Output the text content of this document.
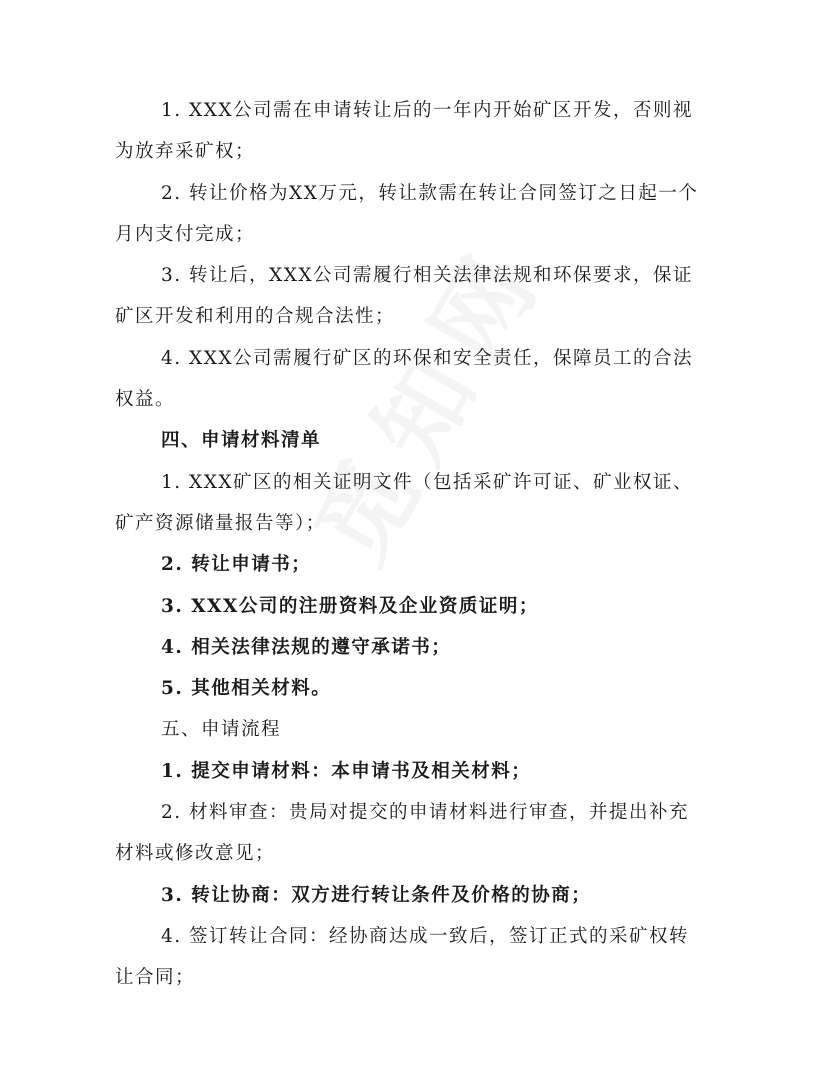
1. XXX公司需在申请转让后的一年内开始矿区开发，否则视为放弃采矿权；

2. 转让价格为XX万元，转让款需在转让合同签订之日起一个月内支付完成；

3. 转让后，XXX公司需履行相关法律法规和环保要求，保证矿区开发和利用的合规合法性；

4. XXX公司需履行矿区的环保和安全责任，保障员工的合法权益。

四、申请材料清单

1. XXX矿区的相关证明文件（包括采矿许可证、矿业权证、矿产资源储量报告等）；

2. 转让申请书；

3. XXX公司的注册资料及企业资质证明；

4. 相关法律法规的遵守承诺书；

5. 其他相关材料。

五、申请流程

1. 提交申请材料：本申请书及相关材料；

2. 材料审查：贵局对提交的申请材料进行审查，并提出补充材料或修改意见；

3. 转让协商：双方进行转让条件及价格的协商；

4. 签订转让合同：经协商达成一致后，签订正式的采矿权转让合同；
